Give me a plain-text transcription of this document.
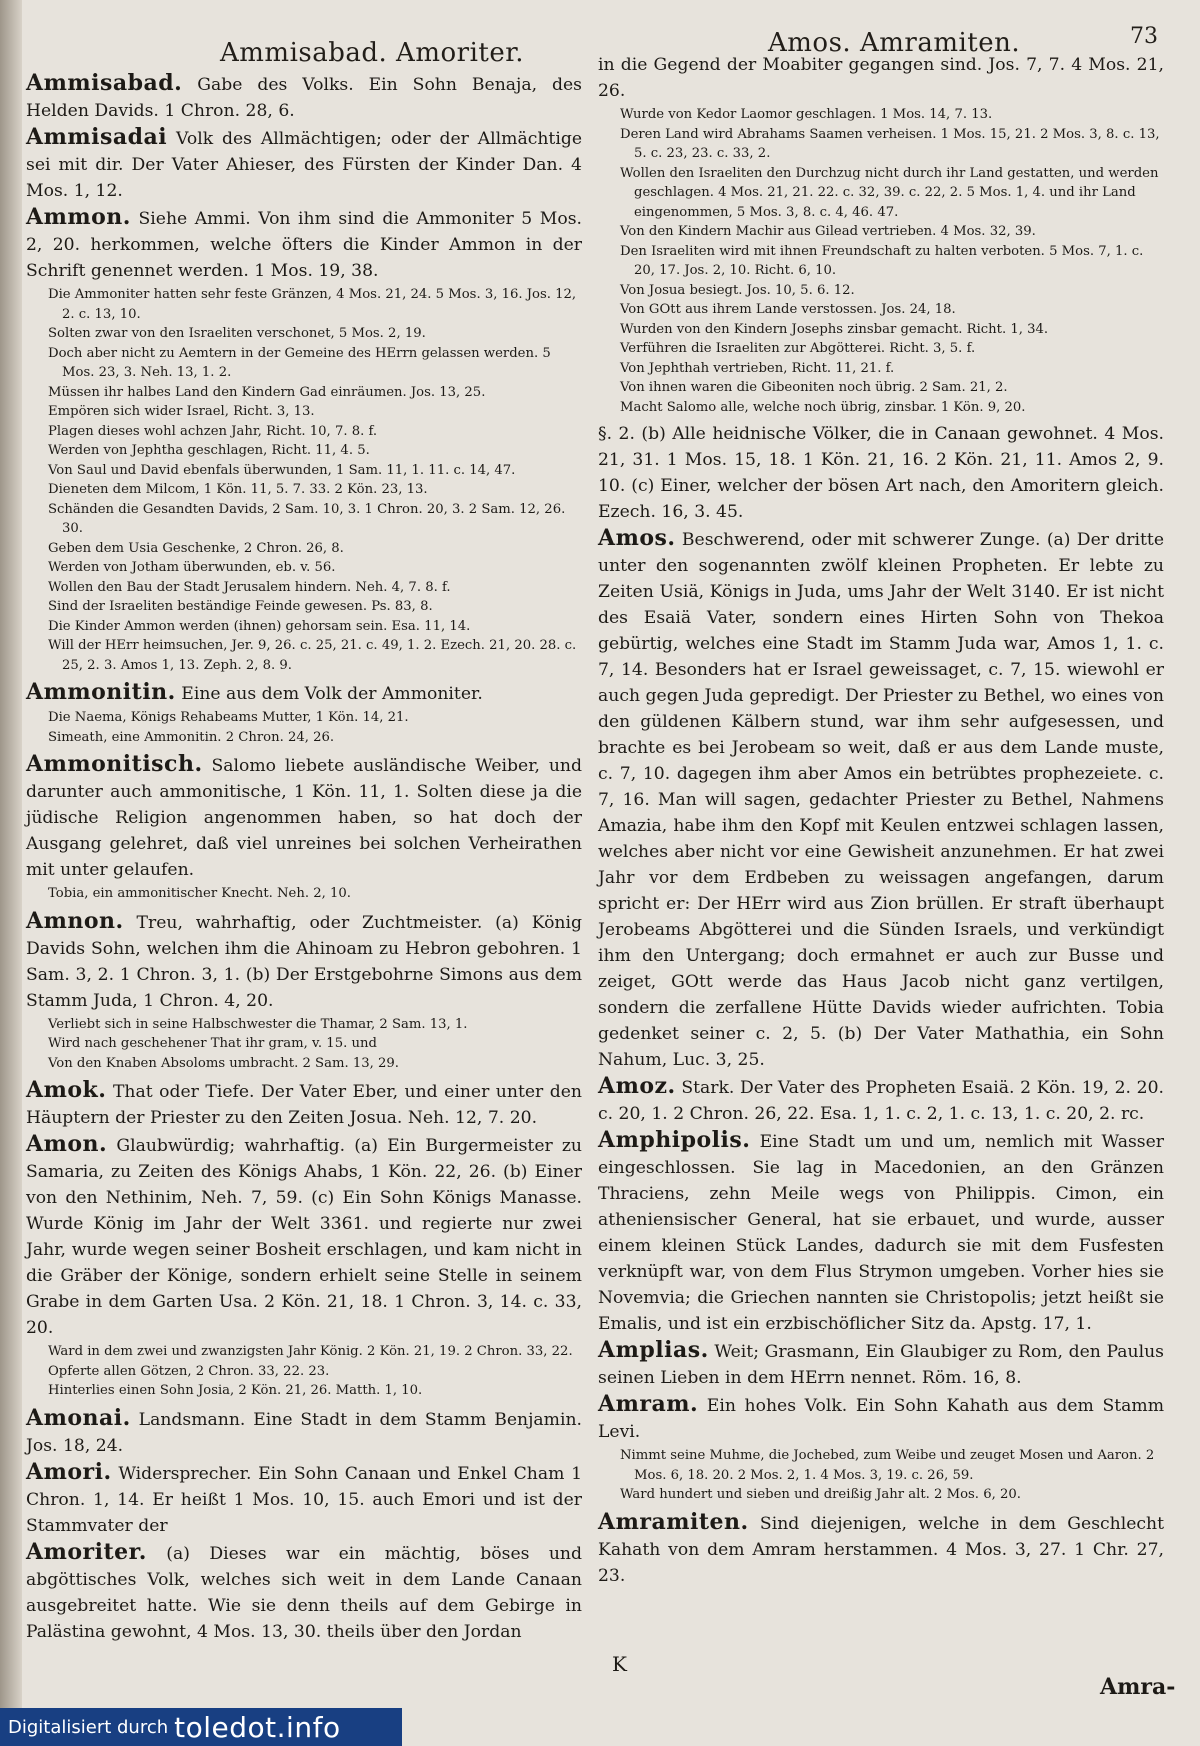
Ammisabad. Amoriter.	Amos. Amramiten.	73

Ammisabad. Gabe des Volks. Ein Sohn Benaja, des Helden Davids. 1 Chron. 28, 6.

Ammisadai Volk des Allmächtigen; oder der Allmächtige sei mit dir. Der Vater Ahieser, des Fürsten der Kinder Dan. 4 Mos. 1, 12.

Ammon. Siehe Ammi. Von ihm sind die Ammoniter 5 Mos. 2, 20. herkommen, welche öfters die Kinder Ammon in der Schrift genennet werden. 1 Mos. 19, 38.

Die Ammoniter hatten sehr feste Gränzen, 4 Mos. 21, 24. 5 Mos. 3, 16. Jos. 12, 2. c. 13, 10.

Solten zwar von den Israeliten verschonet, 5 Mos. 2, 19.

Doch aber nicht zu Aemtern in der Gemeine des HErrn gelassen werden. 5 Mos. 23, 3. Neh. 13, 1. 2.

Müssen ihr halbes Land den Kindern Gad einräumen. Jos. 13, 25.

Empören sich wider Israel, Richt. 3, 13.

Plagen dieses wohl achzen Jahr, Richt. 10, 7. 8. f.

Werden von Jephtha geschlagen, Richt. 11, 4. 5.

Von Saul und David ebenfals überwunden, 1 Sam. 11, 1. 11. c. 14, 47.

Dieneten dem Milcom, 1 Kön. 11, 5. 7. 33. 2 Kön. 23, 13.

Schänden die Gesandten Davids, 2 Sam. 10, 3. 1 Chron. 20, 3. 2 Sam. 12, 26. 30.

Geben dem Usia Geschenke, 2 Chron. 26, 8.

Werden von Jotham überwunden, eb. v. 56.

Wollen den Bau der Stadt Jerusalem hindern. Neh. 4, 7. 8. f.

Sind der Israeliten beständige Feinde gewesen. Ps. 83, 8.

Die Kinder Ammon werden (ihnen) gehorsam sein. Esa. 11, 14.

Will der HErr heimsuchen, Jer. 9, 26. c. 25, 21. c. 49, 1. 2. Ezech. 21, 20. 28. c. 25, 2. 3. Amos 1, 13. Zeph. 2, 8. 9.

Ammonitin. Eine aus dem Volk der Ammoniter.

Die Naema, Königs Rehabeams Mutter, 1 Kön. 14, 21.

Simeath, eine Ammonitin. 2 Chron. 24, 26.

Ammonitisch. Salomo liebete ausländische Weiber, und darunter auch ammonitische, 1 Kön. 11, 1. Solten diese ja die jüdische Religion angenommen haben, so hat doch der Ausgang gelehret, daß viel unreines bei solchen Verheirathen mit unter gelaufen.

Tobia, ein ammonitischer Knecht. Neh. 2, 10.

Amnon. Treu, wahrhaftig, oder Zuchtmeister. (a) König Davids Sohn, welchen ihm die Ahinoam zu Hebron gebohren. 1 Sam. 3, 2. 1 Chron. 3, 1. (b) Der Erstgebohrne Simons aus dem Stamm Juda, 1 Chron. 4, 20.

Verliebt sich in seine Halbschwester die Thamar, 2 Sam. 13, 1.

Wird nach geschehener That ihr gram, v. 15. und

Von den Knaben Absoloms umbracht. 2 Sam. 13, 29.

Amok. That oder Tiefe. Der Vater Eber, und einer unter den Häuptern der Priester zu den Zeiten Josua. Neh. 12, 7. 20.

Amon. Glaubwürdig; wahrhaftig. (a) Ein Burgermeister zu Samaria, zu Zeiten des Königs Ahabs, 1 Kön. 22, 26. (b) Einer von den Nethinim, Neh. 7, 59. (c) Ein Sohn Königs Manasse. Wurde König im Jahr der Welt 3361. und regierte nur zwei Jahr, wurde wegen seiner Bosheit erschlagen, und kam nicht in die Gräber der Könige, sondern erhielt seine Stelle in seinem Grabe in dem Garten Usa. 2 Kön. 21, 18. 1 Chron. 3, 14. c. 33, 20.

Ward in dem zwei und zwanzigsten Jahr König. 2 Kön. 21, 19. 2 Chron. 33, 22.

Opferte allen Götzen, 2 Chron. 33, 22. 23.

Hinterlies einen Sohn Josia, 2 Kön. 21, 26. Matth. 1, 10.

Amonai. Landsmann. Eine Stadt in dem Stamm Benjamin. Jos. 18, 24.

Amori. Widersprecher. Ein Sohn Canaan und Enkel Cham 1 Chron. 1, 14. Er heißt 1 Mos. 10, 15. auch Emori und ist der Stammvater der

Amoriter. (a) Dieses war ein mächtig, böses und abgöttisches Volk, welches sich weit in dem Lande Canaan ausgebreitet hatte. Wie sie denn theils auf dem Gebirge in Palästina gewohnt, 4 Mos. 13, 30. theils über den Jordan

in die Gegend der Moabiter gegangen sind. Jos. 7, 7. 4 Mos. 21, 26.

Wurde von Kedor Laomor geschlagen. 1 Mos. 14, 7. 13.

Deren Land wird Abrahams Saamen verheisen. 1 Mos. 15, 21. 2 Mos. 3, 8. c. 13, 5. c. 23, 23. c. 33, 2.

Wollen den Israeliten den Durchzug nicht durch ihr Land gestatten, und werden geschlagen. 4 Mos. 21, 21. 22. c. 32, 39. c. 22, 2. 5 Mos. 1, 4. und ihr Land eingenommen, 5 Mos. 3, 8. c. 4, 46. 47.

Von den Kindern Machir aus Gilead vertrieben. 4 Mos. 32, 39.

Den Israeliten wird mit ihnen Freundschaft zu halten verboten. 5 Mos. 7, 1. c. 20, 17. Jos. 2, 10. Richt. 6, 10.

Von Josua besiegt. Jos. 10, 5. 6. 12.

Von GOtt aus ihrem Lande verstossen. Jos. 24, 18.

Wurden von den Kindern Josephs zinsbar gemacht. Richt. 1, 34.

Verführen die Israeliten zur Abgötterei. Richt. 3, 5. f.

Von Jephthah vertrieben, Richt. 11, 21. f.

Von ihnen waren die Gibeoniten noch übrig. 2 Sam. 21, 2.

Macht Salomo alle, welche noch übrig, zinsbar. 1 Kön. 9, 20.

§. 2. (b) Alle heidnische Völker, die in Canaan gewohnet. 4 Mos. 21, 31. 1 Mos. 15, 18. 1 Kön. 21, 16. 2 Kön. 21, 11. Amos 2, 9. 10. (c) Einer, welcher der bösen Art nach, den Amoritern gleich. Ezech. 16, 3. 45.

Amos. Beschwerend, oder mit schwerer Zunge. (a) Der dritte unter den sogenannten zwölf kleinen Propheten. Er lebte zu Zeiten Usiä, Königs in Juda, ums Jahr der Welt 3140. Er ist nicht des Esaiä Vater, sondern eines Hirten Sohn von Thekoa gebürtig, welches eine Stadt im Stamm Juda war, Amos 1, 1. c. 7, 14. Besonders hat er Israel geweissaget, c. 7, 15. wiewohl er auch gegen Juda gepredigt. Der Priester zu Bethel, wo eines von den güldenen Kälbern stund, war ihm sehr aufgesessen, und brachte es bei Jerobeam so weit, daß er aus dem Lande muste, c. 7, 10. dagegen ihm aber Amos ein betrübtes prophezeiete. c. 7, 16. Man will sagen, gedachter Priester zu Bethel, Nahmens Amazia, habe ihm den Kopf mit Keulen entzwei schlagen lassen, welches aber nicht vor eine Gewisheit anzunehmen. Er hat zwei Jahr vor dem Erdbeben zu weissagen angefangen, darum spricht er: Der HErr wird aus Zion brüllen. Er straft überhaupt Jerobeams Abgötterei und die Sünden Israels, und verkündigt ihm den Untergang; doch ermahnet er auch zur Busse und zeiget, GOtt werde das Haus Jacob nicht ganz vertilgen, sondern die zerfallene Hütte Davids wieder aufrichten. Tobia gedenket seiner c. 2, 5. (b) Der Vater Mathathia, ein Sohn Nahum, Luc. 3, 25.

Amoz. Stark. Der Vater des Propheten Esaiä. 2 Kön. 19, 2. 20. c. 20, 1. 2 Chron. 26, 22. Esa. 1, 1. c. 2, 1. c. 13, 1. c. 20, 2. rc.

Amphipolis. Eine Stadt um und um, nemlich mit Wasser eingeschlossen. Sie lag in Macedonien, an den Gränzen Thraciens, zehn Meile wegs von Philippis. Cimon, ein atheniensischer General, hat sie erbauet, und wurde, ausser einem kleinen Stück Landes, dadurch sie mit dem Fusfesten verknüpft war, von dem Flus Strymon umgeben. Vorher hies sie Novemvia; die Griechen nannten sie Christopolis; jetzt heißt sie Emalis, und ist ein erzbischöflicher Sitz da. Apstg. 17, 1.

Amplias. Weit; Grasmann, Ein Glaubiger zu Rom, den Paulus seinen Lieben in dem HErrn nennet. Röm. 16, 8.

Amram. Ein hohes Volk. Ein Sohn Kahath aus dem Stamm Levi.

Nimmt seine Muhme, die Jochebed, zum Weibe und zeuget Mosen und Aaron. 2 Mos. 6, 18. 20. 2 Mos. 2, 1. 4 Mos. 3, 19. c. 26, 59.

Ward hundert und sieben und dreißig Jahr alt. 2 Mos. 6, 20.

Amramiten. Sind diejenigen, welche in dem Geschlecht Kahath von dem Amram herstammen. 4 Mos. 3, 27. 1 Chr. 27, 23.

K
Amra-
Digitalisiert durch toledot.info
